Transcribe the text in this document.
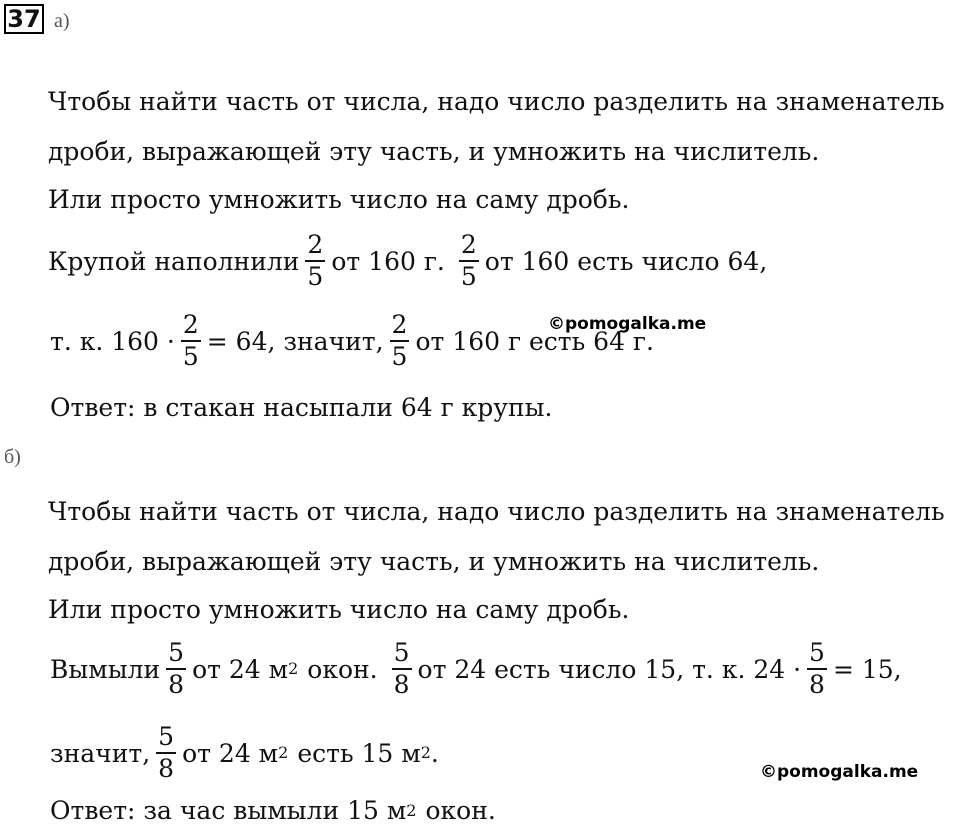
37 а)
Чтобы найти часть от числа, надо число разделить на знаменатель
дроби, выражающей эту часть, и умножить на числитель.
Или просто умножить число на саму дробь.
Крупой наполнили $\frac{2}{5}$ от 160 г. $\frac{2}{5}$ от 160 есть число 64,
т. к. $160 \cdot \frac{2}{5} = 64$, значит, $\frac{2}{5}$ от 160 г есть 64 г.
©pomogalka.me
Ответ: в стакан насыпали 64 г крупы.
б)
Чтобы найти часть от числа, надо число разделить на знаменатель
дроби, выражающей эту часть, и умножить на числитель.
Или просто умножить число на саму дробь.
Вымыли $\frac{5}{8}$ от 24 м 2 окон. $\frac{5}{8}$ от 24 есть число 15, т. к. $24 \cdot \frac{5}{8} = 15$,
значит, $\frac{5}{8}$ от 24 м 2 есть 15 м 2 .
©pomogalka.me
Ответ: за час вымыли 15 м 2 окон.
